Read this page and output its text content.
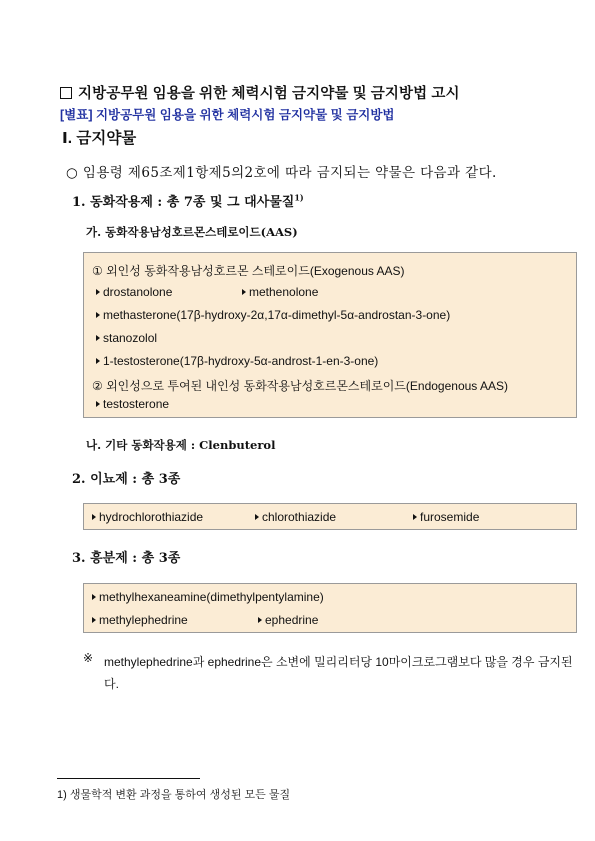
지방공무원 임용을 위한 체력시험 금지약물 및 금지방법 고시
[별표] 지방공무원 임용을 위한 체력시험 금지약물 및 금지방법
Ⅰ. 금지약물
○ 임용령 제65조제1항제5의2호에 따라 금지되는 약물은 다음과 같다.
1. 동화작용제 : 총 7종 및 그 대사물질$^{1)}$
가. 동화작용남성호르몬스테로이드(AAS)
① 외인성 동화작용남성호르몬 스테로이드(Exogenous AAS)
drostanolone	methenolone
methasterone(17β-hydroxy-2α,17α-dimethyl-5α-androstan-3-one)
stanozolol
1-testosterone(17β-hydroxy-5α-androst-1-en-3-one)
② 외인성으로 투여된 내인성 동화작용남성호르몬스테로이드(Endogenous AAS)
testosterone
나. 기타 동화작용제 : Clenbuterol
2. 이뇨제 : 총 3종
hydrochlorothiazide	chlorothiazide	furosemide
3. 흥분제 : 총 3종
methylhexaneamine(dimethylpentylamine)
methylephedrine	ephedrine
※ methylephedrine과 ephedrine은 소변에 밀리리터당 10마이크로그램보다 많을 경우 금지된다.
1) 생물학적 변환 과정을 통하여 생성된 모든 물질
